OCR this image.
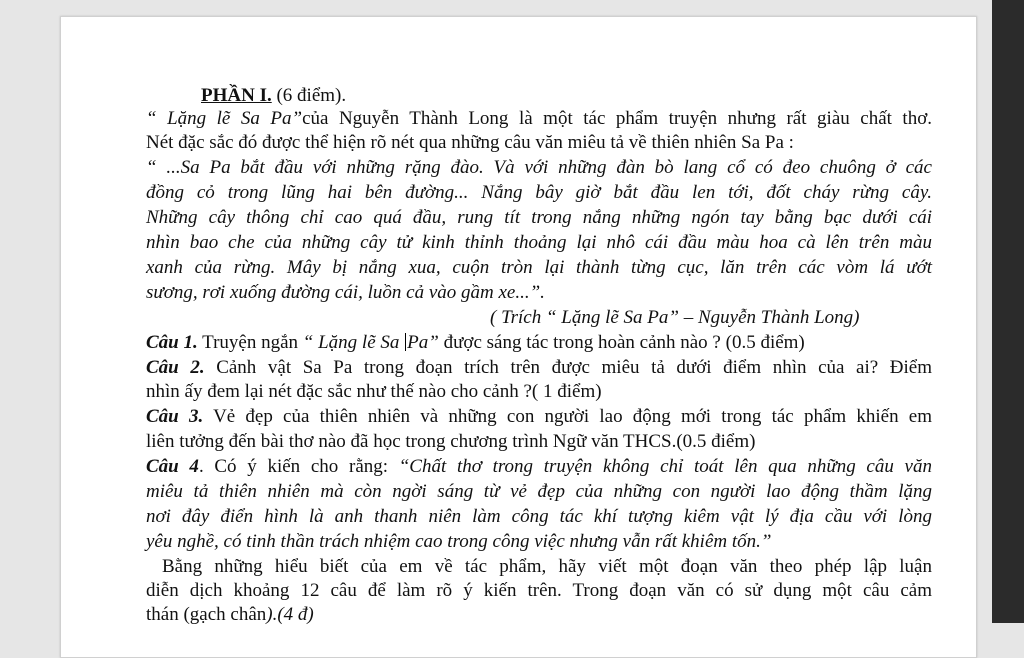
PHẦN I. (6 điểm).
“ Lặng lẽ Sa Pa”của Nguyễn Thành Long là một tác phẩm truyện nhưng rất giàu chất thơ.
Nét đặc sắc đó được thể hiện rõ nét qua những câu văn miêu tả về thiên nhiên Sa Pa :
“ ...Sa Pa bắt đầu với những rặng đào. Và với những đàn bò lang cổ có đeo chuông ở các
đồng cỏ trong lũng hai bên đường... Nắng bây giờ bắt đầu len tới, đốt cháy rừng cây.
Những cây thông chỉ cao quá đầu, rung tít trong nắng những ngón tay bằng bạc dưới cái
nhìn bao che của những cây tử kinh thỉnh thoảng lại nhô cái đầu màu hoa cà lên trên màu
xanh của rừng. Mây bị nắng xua, cuộn tròn lại thành từng cục, lăn trên các vòm lá ướt
sương, rơi xuống đường cái, luồn cả vào gầm xe...”.
( Trích “ Lặng lẽ Sa Pa” – Nguyễn Thành Long)
Câu 1. Truyện ngắn “ Lặng lẽ Sa Pa” được sáng tác trong hoàn cảnh nào ? (0.5 điểm)
Câu 2. Cảnh vật Sa Pa trong đoạn trích trên được miêu tả dưới điểm nhìn của ai? Điểm
nhìn ấy đem lại nét đặc sắc như thế nào cho cảnh ?( 1 điểm)
Câu 3. Vẻ đẹp của thiên nhiên và những con người lao động mới trong tác phẩm khiến em
liên tưởng đến bài thơ nào đã học trong chương trình Ngữ văn THCS.(0.5 điểm)
Câu 4. Có ý kiến cho rằng: “Chất thơ trong truyện không chỉ toát lên qua những câu văn
miêu tả thiên nhiên mà còn ngời sáng từ vẻ đẹp của những con người lao động thầm lặng
nơi đây điển hình là anh thanh niên làm công tác khí tượng kiêm vật lý địa cầu với lòng
yêu nghề, có tinh thần trách nhiệm cao trong công việc nhưng vẫn rất khiêm tốn.”
Bằng những hiểu biết của em về tác phẩm, hãy viết một đoạn văn theo phép lập luận
diễn dịch khoảng 12 câu để làm rõ ý kiến trên. Trong đoạn văn có sử dụng một câu cảm
thán (gạch chân).(4 đ)
